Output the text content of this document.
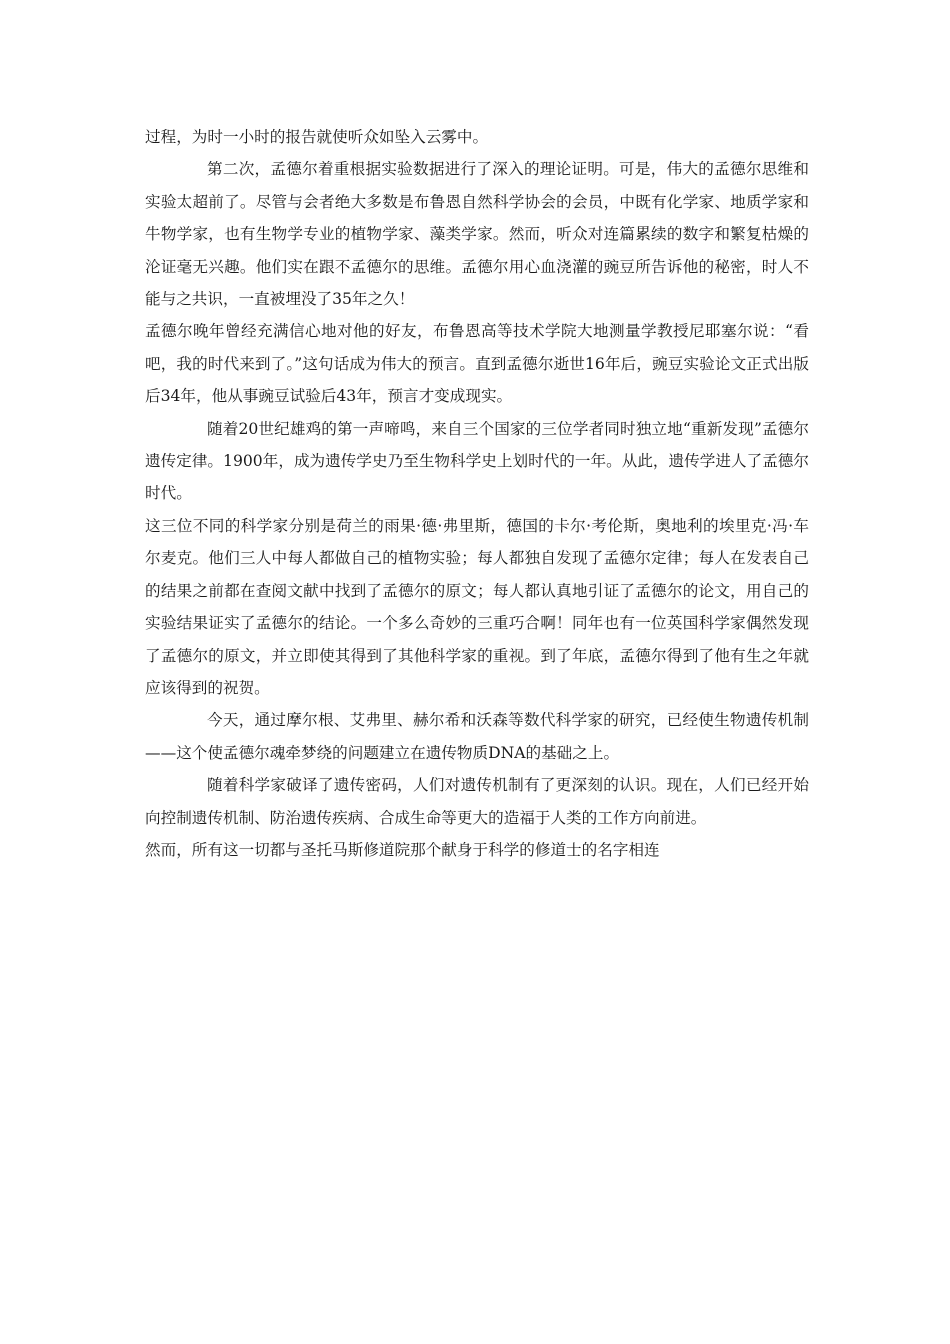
过程，为时一小时的报告就使听众如坠入云雾中。

第二次，孟德尔着重根据实验数据进行了深入的理论证明。可是，伟大的孟德尔思维和实验太超前了。尽管与会者绝大多数是布鲁恩自然科学协会的会员，中既有化学家、地质学家和牛物学家，也有生物学专业的植物学家、藻类学家。然而，听众对连篇累续的数字和繁复枯燥的沦证毫无兴趣。他们实在跟不孟德尔的思维。孟德尔用心血浇灌的豌豆所告诉他的秘密，时人不能与之共识，一直被埋没了35年之久！

孟德尔晚年曾经充满信心地对他的好友，布鲁恩高等技术学院大地测量学教授尼耶塞尔说：“看吧，我的时代来到了。”这句话成为伟大的预言。直到孟德尔逝世16年后，豌豆实验论文正式出版后34年，他从事豌豆试验后43年，预言才变成现实。

随着20世纪雄鸡的第一声啼鸣，来自三个国家的三位学者同时独立地“重新发现”孟德尔遗传定律。1900年，成为遗传学史乃至生物科学史上划时代的一年。从此，遗传学进人了孟德尔时代。

这三位不同的科学家分别是荷兰的雨果·德·弗里斯，德国的卡尔·考伦斯，奥地利的埃里克·冯·车尔麦克。他们三人中每人都做自己的植物实验；每人都独自发现了孟德尔定律；每人在发表自己的结果之前都在查阅文献中找到了孟德尔的原文；每人都认真地引证了孟德尔的论文，用自己的实验结果证实了孟德尔的结论。一个多么奇妙的三重巧合啊！同年也有一位英国科学家偶然发现了孟德尔的原文，并立即使其得到了其他科学家的重视。到了年底，孟德尔得到了他有生之年就应该得到的祝贺。

今天，通过摩尔根、艾弗里、赫尔希和沃森等数代科学家的研究，已经使生物遗传机制——这个使孟德尔魂牵梦绕的问题建立在遗传物质DNA的基础之上。

随着科学家破译了遗传密码，人们对遗传机制有了更深刻的认识。现在，人们已经开始向控制遗传机制、防治遗传疾病、合成生命等更大的造福于人类的工作方向前进。

然而，所有这一切都与圣托马斯修道院那个献身于科学的修道士的名字相连
